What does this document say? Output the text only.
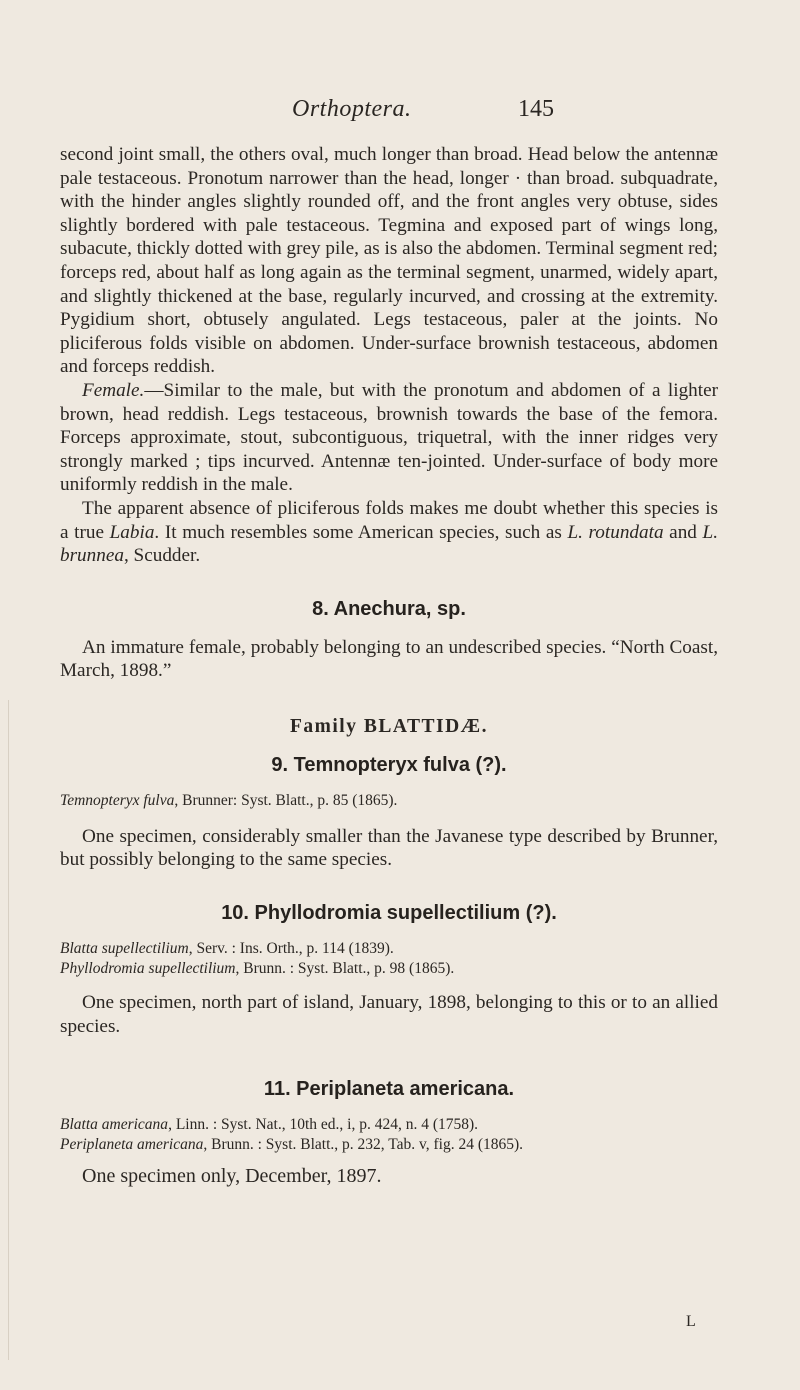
Orthoptera.	145

second joint small, the others oval, much longer than broad. Head below the antennæ pale testaceous. Pronotum narrower than the head, longer · than broad. subquadrate, with the hinder angles slightly rounded off, and the front angles very obtuse, sides slightly bordered with pale testaceous. Tegmina and exposed part of wings long, subacute, thickly dotted with grey pile, as is also the abdomen. Terminal segment red; forceps red, about half as long again as the terminal segment, unarmed, widely apart, and slightly thickened at the base, regularly incurved, and crossing at the extremity. Pygidium short, obtusely angulated. Legs testaceous, paler at the joints. No pliciferous folds visible on abdomen. Under-surface brownish testaceous, abdomen and forceps reddish.

Female.—Similar to the male, but with the pronotum and abdomen of a lighter brown, head reddish. Legs testaceous, brownish towards the base of the femora. Forceps approximate, stout, subcontiguous, triquetral, with the inner ridges very strongly marked ; tips incurved. Antennæ ten-jointed. Under-surface of body more uniformly reddish in the male.

The apparent absence of pliciferous folds makes me doubt whether this species is a true Labia. It much resembles some American species, such as L. rotundata and L. brunnea, Scudder.

8. Anechura, sp.

An immature female, probably belonging to an undescribed species. “North Coast, March, 1898.”

Family BLATTIDÆ.
9. Temnopteryx fulva (?).

Temnopteryx fulva, Brunner: Syst. Blatt., p. 85 (1865).

One specimen, considerably smaller than the Javanese type described by Brunner, but possibly belonging to the same species.

10. Phyllodromia supellectilium (?).

Blatta supellectilium, Serv. : Ins. Orth., p. 114 (1839).

Phyllodromia supellectilium, Brunn. : Syst. Blatt., p. 98 (1865).

One specimen, north part of island, January, 1898, belonging to this or to an allied species.

11. Periplaneta americana.

Blatta americana, Linn. : Syst. Nat., 10th ed., i, p. 424, n. 4 (1758).

Periplaneta americana, Brunn. : Syst. Blatt., p. 232, Tab. v, fig. 24 (1865).

One specimen only, December, 1897.

L
